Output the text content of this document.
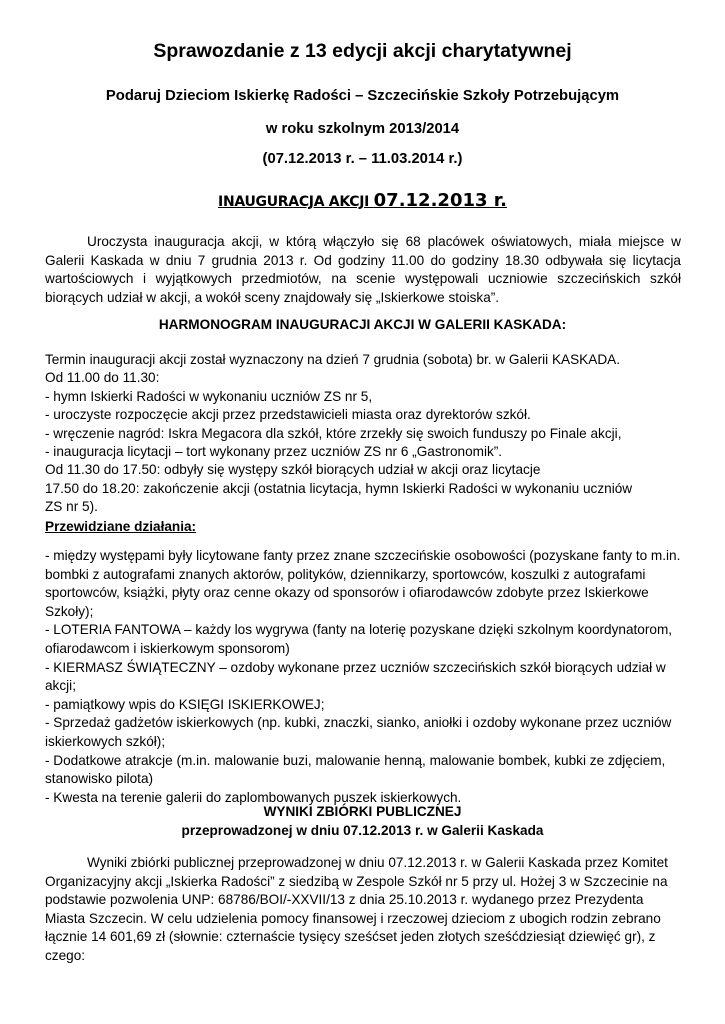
Sprawozdanie z 13 edycji akcji charytatywnej

Podaruj Dzieciom Iskierkę Radości – Szczecińskie Szkoły Potrzebującym

w roku szkolnym 2013/2014

(07.12.2013 r. – 11.03.2014 r.)

INAUGURACJA AKCJI 07.12.2013 r.

Uroczysta inauguracja akcji, w którą włączyło się 68 placówek oświatowych, miała miejsce w Galerii Kaskada w dniu 7 grudnia 2013 r. Od godziny 11.00 do godziny 18.30 odbywała się licytacja wartościowych i wyjątkowych przedmiotów, na scenie występowali uczniowie szczecińskich szkół biorących udział w akcji, a wokół sceny znajdowały się „Iskierkowe stoiska”.

HARMONOGRAM INAUGURACJI AKCJI W GALERII KASKADA:

Termin inauguracji akcji został wyznaczony na dzień 7 grudnia (sobota) br. w Galerii KASKADA.
Od 11.00 do 11.30:
- hymn Iskierki Radości w wykonaniu uczniów ZS nr 5,
- uroczyste rozpoczęcie akcji przez przedstawicieli miasta oraz dyrektorów szkół.
- wręczenie nagród: Iskra Megacora dla szkół, które zrzekły się swoich funduszy po Finale akcji,
- inauguracja licytacji – tort wykonany przez uczniów ZS nr 6 „Gastronomik”.
Od 11.30 do 17.50: odbyły się występy szkół biorących udział w akcji oraz licytacje
17.50 do 18.20: zakończenie akcji (ostatnia licytacja, hymn Iskierki Radości w wykonaniu uczniów
ZS nr 5).

Przewidziane działania:

- między występami były licytowane fanty przez znane szczecińskie osobowości (pozyskane fanty to m.in. bombki z autografami znanych aktorów, polityków, dziennikarzy, sportowców, koszulki z autografami sportowców, książki, płyty oraz cenne okazy od sponsorów i ofiarodawców zdobyte przez Iskierkowe Szkoły);
- LOTERIA FANTOWA – każdy los wygrywa (fanty na loterię pozyskane dzięki szkolnym koordynatorom, ofiarodawcom i iskierkowym sponsorom)
- KIERMASZ ŚWIĄTECZNY – ozdoby wykonane przez uczniów szczecińskich szkół biorących udział w akcji;
- pamiątkowy wpis do KSIĘGI ISKIERKOWEJ;
- Sprzedaż gadżetów iskierkowych (np. kubki, znaczki, sianko, aniołki i ozdoby wykonane przez uczniów iskierkowych szkół);
- Dodatkowe atrakcje (m.in. malowanie buzi, malowanie henną, malowanie bombek, kubki ze zdjęciem, stanowisko pilota)
- Kwesta na terenie galerii do zaplombowanych puszek iskierkowych.

WYNIKI ZBIÓRKI PUBLICZNEJ

przeprowadzonej w dniu 07.12.2013 r. w Galerii Kaskada

Wyniki zbiórki publicznej przeprowadzonej w dniu 07.12.2013 r. w Galerii Kaskada przez Komitet Organizacyjny akcji „Iskierka Radości” z siedzibą w Zespole Szkół nr 5 przy ul. Hożej 3 w Szczecinie na podstawie pozwolenia UNP: 68786/BOI/-XXVII/13 z dnia 25.10.2013 r. wydanego przez Prezydenta Miasta Szczecin. W celu udzielenia pomocy finansowej i rzeczowej dzieciom z ubogich rodzin zebrano łącznie 14 601,69 zł (słownie: czternaście tysięcy sześćset jeden złotych sześćdziesiąt dziewięć gr), z czego:
